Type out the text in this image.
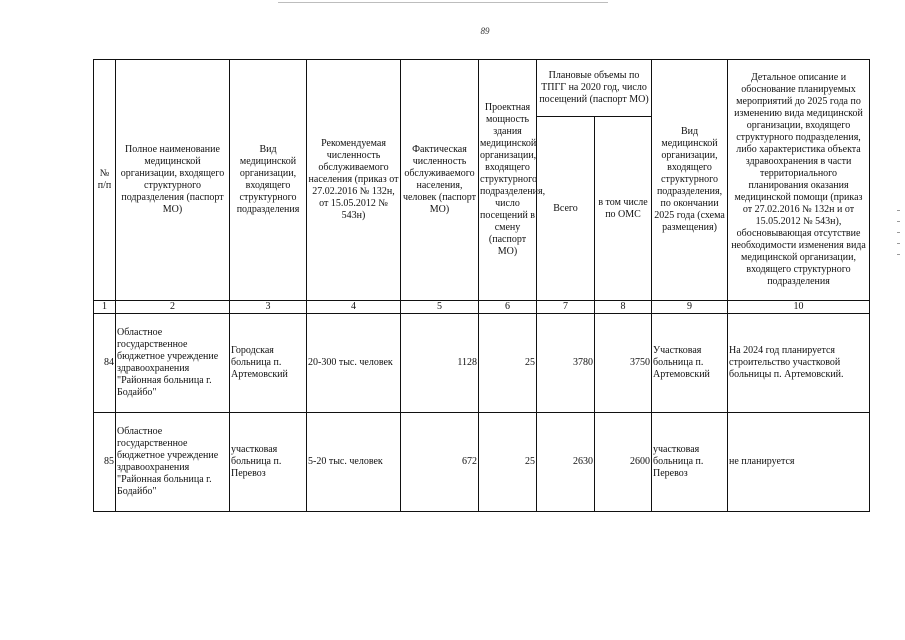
89
№ п/п	Полное наименование медицинской организации, входящего структурного подразделения (паспорт МО)	Вид медицинской организации, входящего структурного подразделения	Рекомендуемая численность обслуживаемого населения (приказ от 27.02.2016 № 132н, от 15.05.2012 № 543н)	Фактическая численность обслуживаемого населения, человек (паспорт МО)	Проектная мощность здания медицинской организации, входящего структурного подразделения, число посещений в смену (паспорт МО)	Плановые объемы по ТПГГ на 2020 год, число посещений (паспорт МО)		Вид медицинской организации, входящего структурного подразделения, по окончании 2025 года (схема размещения)	Детальное описание и обоснование планируемых мероприятий до 2025 года по изменению вида медицинской организации, входящего структурного подразделения, либо характеристика объекта здравоохранения в части территориального планирования оказания медицинской помощи (приказ от 27.02.2016 № 132н и от 15.05.2012 № 543н), обосновывающая отсутствие необходимости изменения вида медицинской организации, входящего структурного подразделения
						Всего	в том числе по ОМС		
1	2	3	4	5	6	7	8	9	10
84	Областное государственное бюджетное учреждение здравоохранения "Районная больница г. Бодайбо"	Городская больница п. Артемовский	20-300 тыс. человек	1128	25	3780	3750	Участковая больница п. Артемовский	На 2024 год планируется строительство участковой больницы п. Артемовский.
85	Областное государственное бюджетное учреждение здравоохранения "Районная больница г. Бодайбо"	участковая больница п. Перевоз	5-20 тыс. человек	672	25	2630	2600	участковая больница п. Перевоз	не планируется
